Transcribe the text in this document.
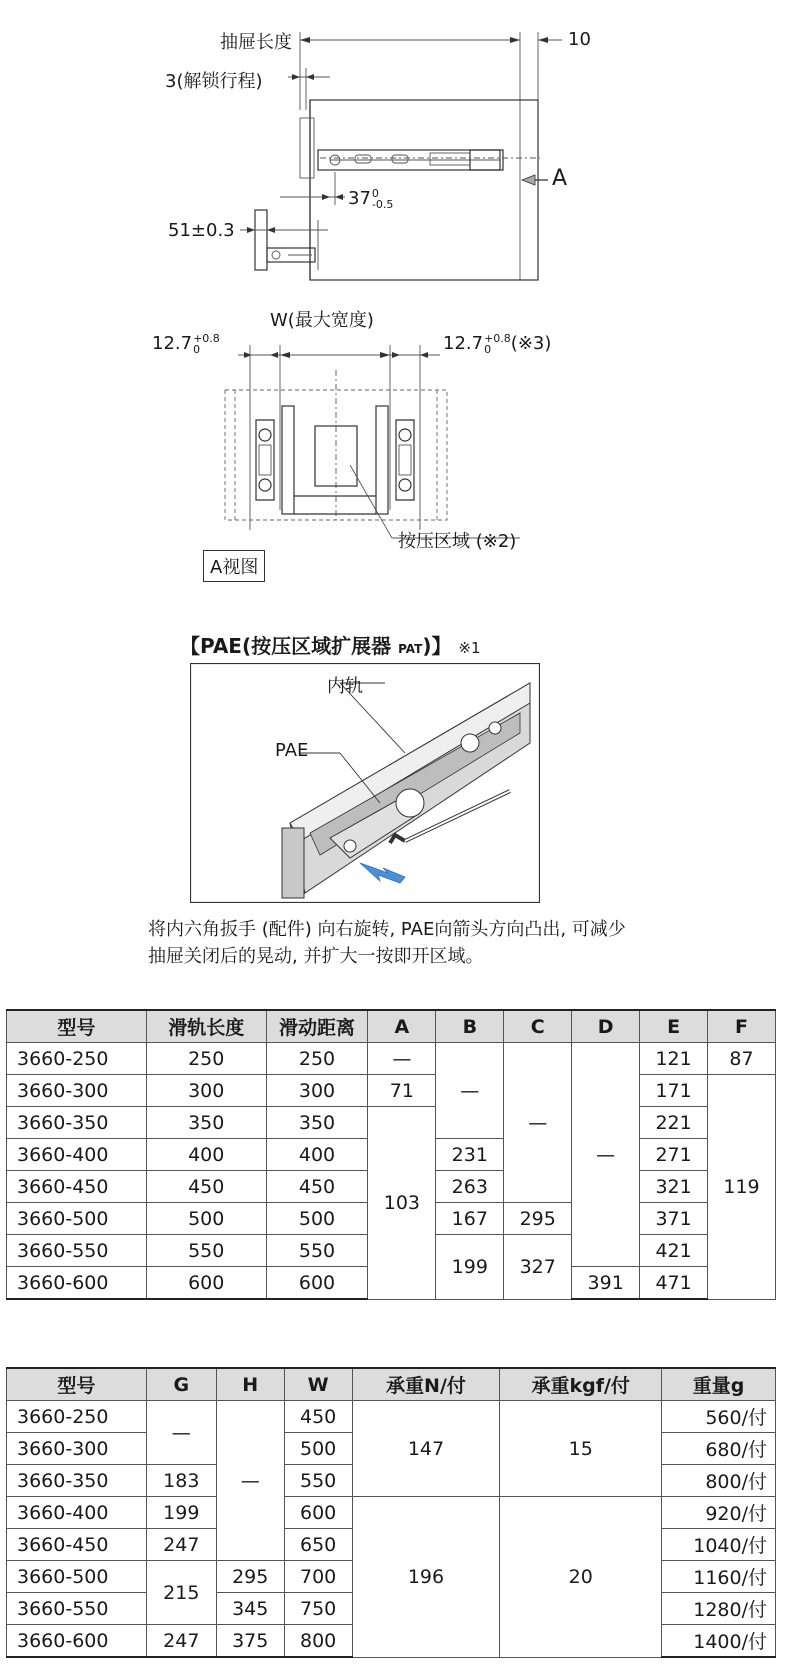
抽屉长度	10
3(解锁行程)
370
-0.5
A
51±0.3
W(最大宽度)
12.7+0.8
0	12.7+0.8
0 (※3)
按压区域 (※2)
A视图
【PAE(按压区域扩展器 PAT)】 ※1
内轨
PAE
将内六角扳手 (配件) 向右旋转, PAE向箭头方向凸出, 可减少抽屉关闭后的晃动, 并扩大一按即开区域。
型号	滑轨长度	滑动距离	A	B	C	D	E	F
3660-250	250	250	—	—	—	—	121	87
3660-300	300	300	71				171	119
3660-350	350	350	103				221	
3660-400	400	400		231			271	
3660-450	450	450		263			321	
3660-500	500	500		167	295		371	
3660-550	550	550		199	327		421	
3660-600	600	600				391	471	
型号	G	H	W	承重N/付	承重kgf/付	重量g
3660-250	—	—	450	147	15	560/付
3660-300			500			680/付
3660-350	183		550			800/付
3660-400	199		600	196	20	920/付
3660-450	247		650			1040/付
3660-500	215	295	700			1160/付
3660-550		345	750			1280/付
3660-600	247	375	800			1400/付
